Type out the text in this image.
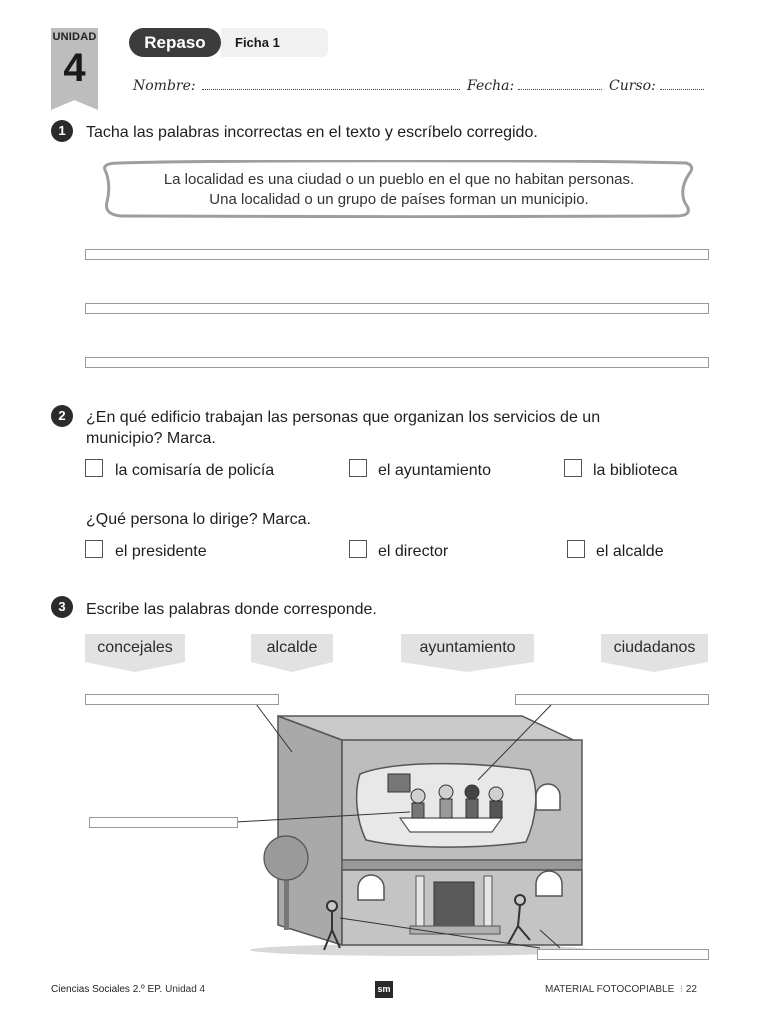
UNIDAD
4
Repaso	Ficha 1
Nombre:	Fecha:	Curso:
1	Tacha las palabras incorrectas en el texto y escríbelo corregido.
La localidad es una ciudad o un pueblo en el que no habitan personas.
Una localidad o un grupo de países forman un municipio.
2	¿En qué edificio trabajan las personas que organizan los servicios de un
municipio? Marca.
la comisaría de policía	el ayuntamiento	la biblioteca
¿Qué persona lo dirige? Marca.
el presidente	el director	el alcalde
3	Escribe las palabras donde corresponde.
concejales	alcalde	ayuntamiento	ciudadanos
Ciencias Sociales 2.º EP. Unidad 4	sm	MATERIAL FOTOCOPIABLE  ⁝ 22
